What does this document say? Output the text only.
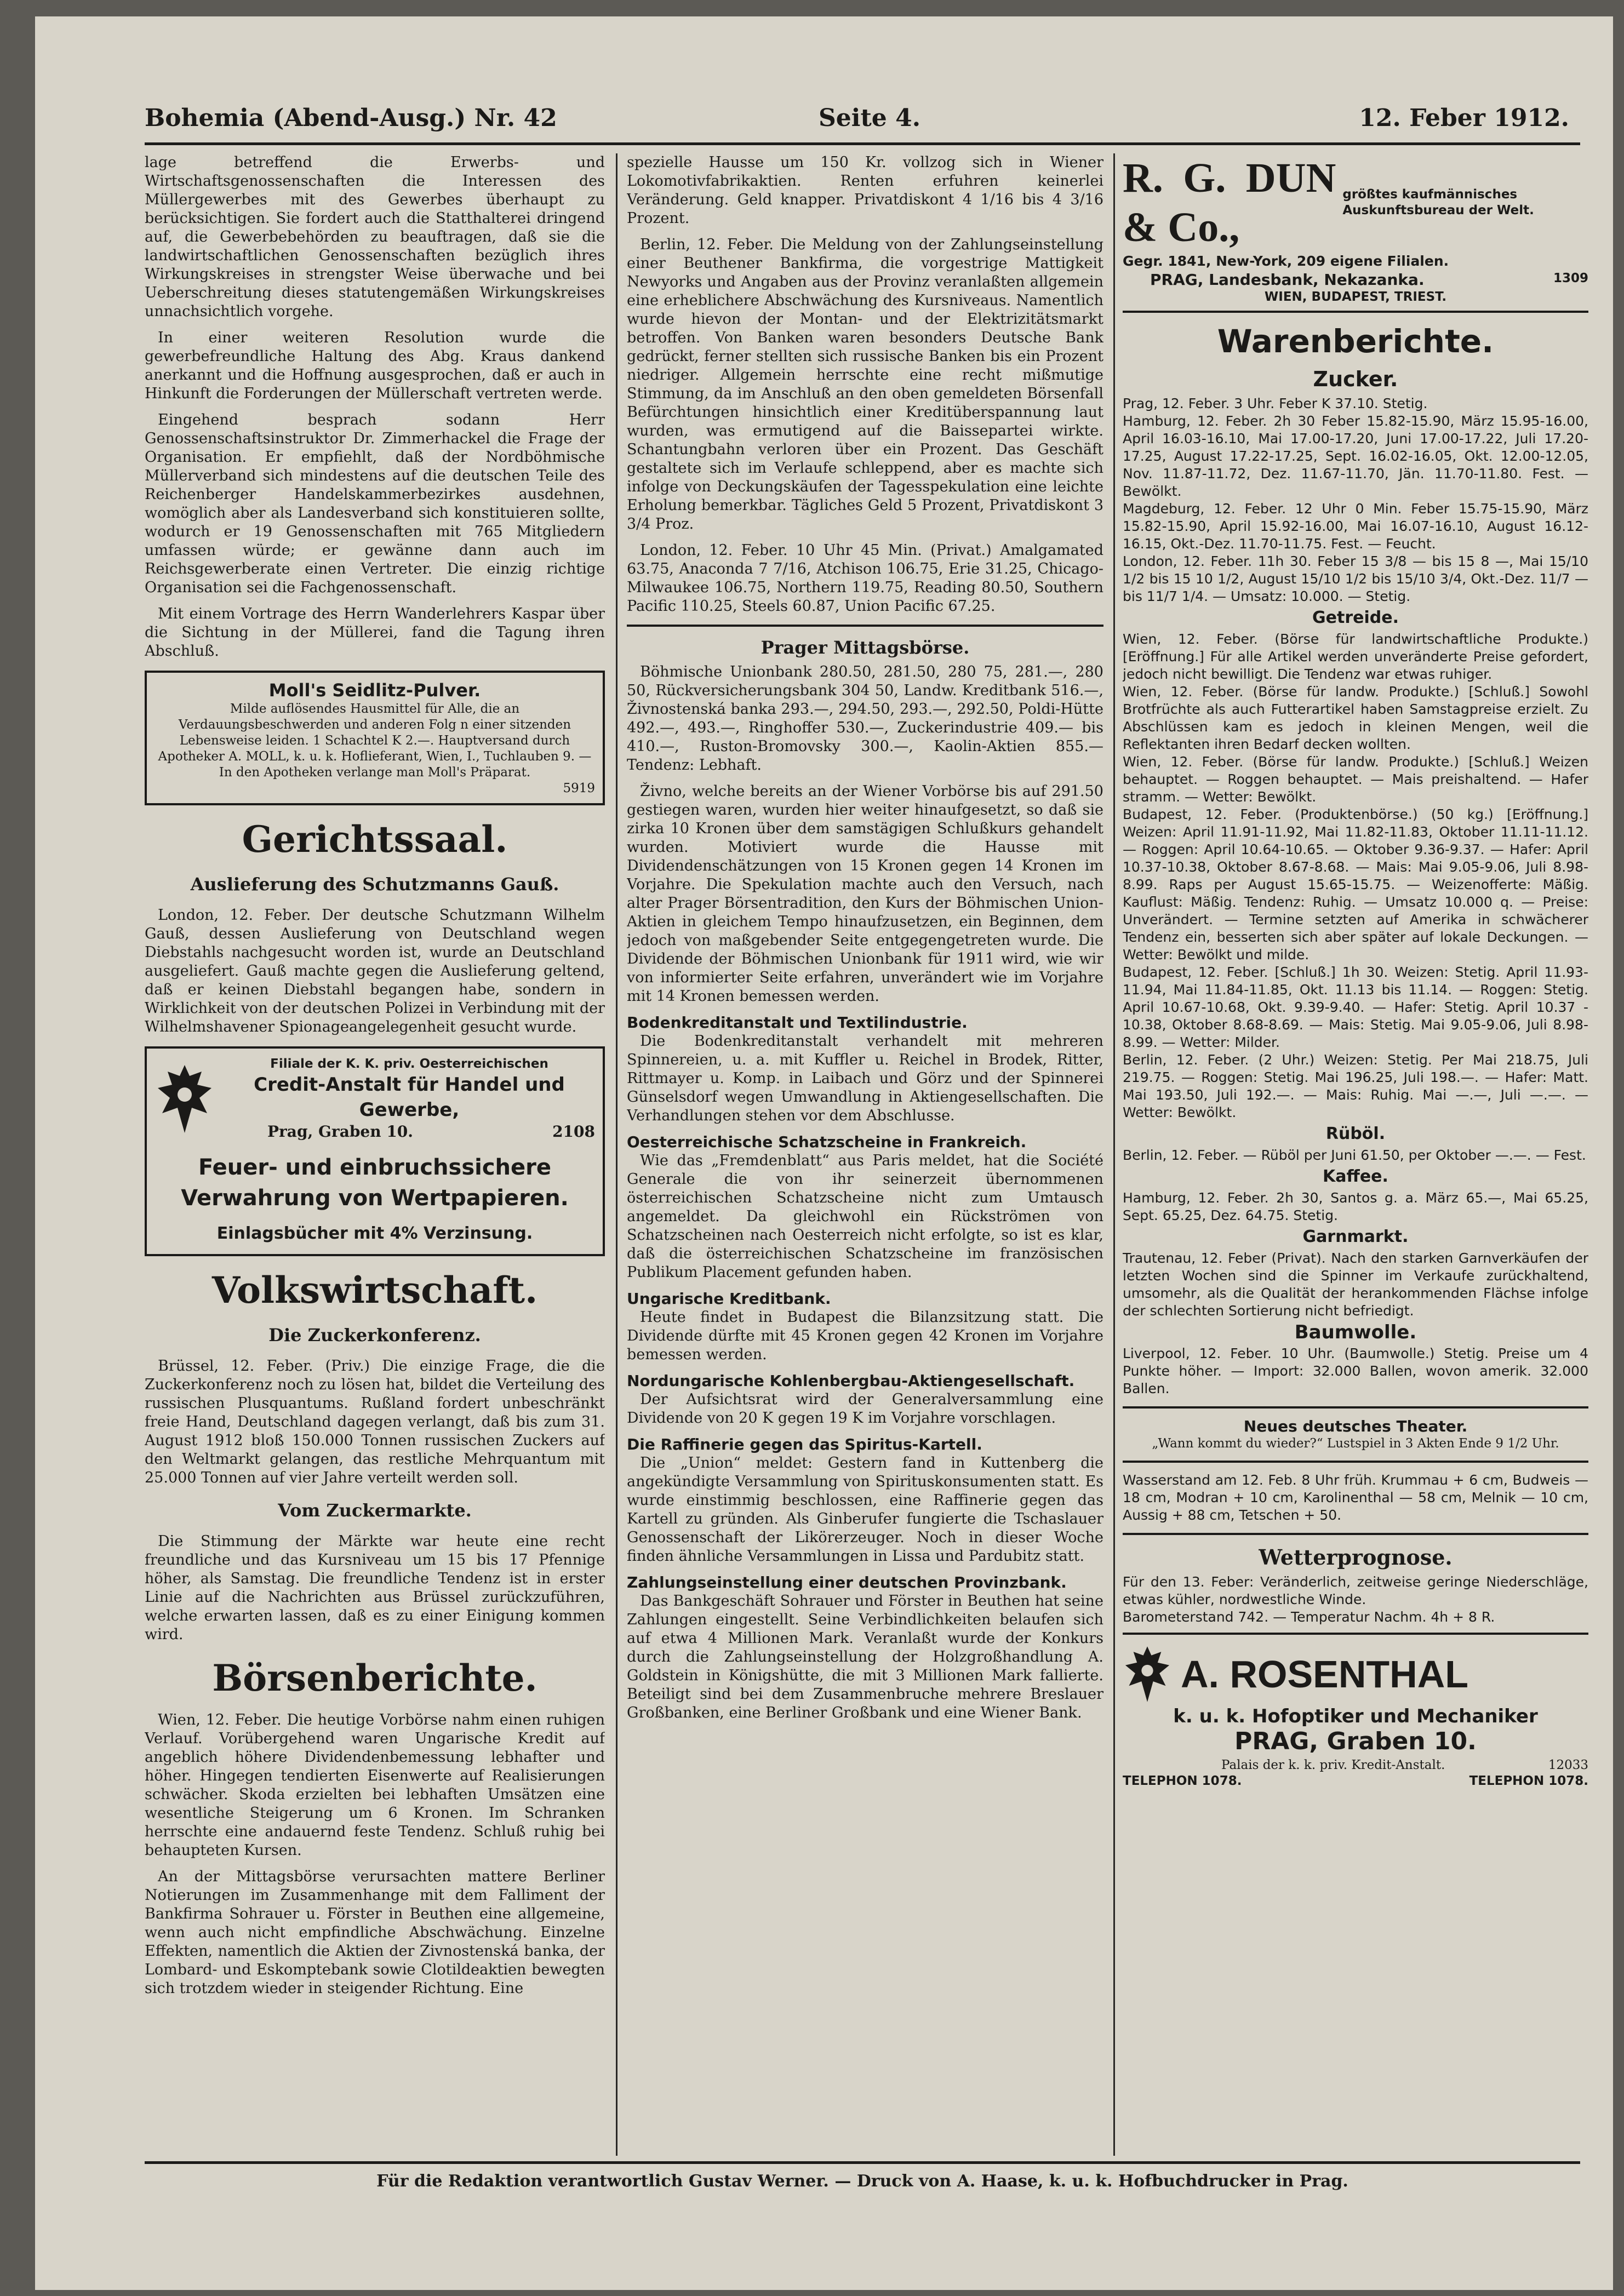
Bohemia (Abend-Ausg.) Nr. 42	Seite 4.	12. Feber 1912.

lage betreffend die Erwerbs- und Wirtschaftsgenossenschaften die Interessen des Müllergewerbes mit des Gewerbes überhaupt zu berücksichtigen. Sie fordert auch die Statthalterei dringend auf, die Gewerbebehörden zu beauftragen, daß sie die landwirtschaftlichen Genossenschaften bezüglich ihres Wirkungskreises in strengster Weise überwache und bei Ueberschreitung dieses statutengemäßen Wirkungskreises unnachsichtlich vorgehe.

In einer weiteren Resolution wurde die gewerbefreundliche Haltung des Abg. Kraus dankend anerkannt und die Hoffnung ausgesprochen, daß er auch in Hinkunft die Forderungen der Müllerschaft vertreten werde.

Eingehend besprach sodann Herr Genossenschaftsinstruktor Dr. Zimmerhackel die Frage der Organisation. Er empfiehlt, daß der Nordböhmische Müllerverband sich mindestens auf die deutschen Teile des Reichenberger Handelskammerbezirkes ausdehnen, womöglich aber als Landesverband sich konstituieren sollte, wodurch er 19 Genossenschaften mit 765 Mitgliedern umfassen würde; er gewänne dann auch im Reichsgewerberate einen Vertreter. Die einzig richtige Organisation sei die Fachgenossenschaft.

Mit einem Vortrage des Herrn Wanderlehrers Kaspar über die Sichtung in der Müllerei, fand die Tagung ihren Abschluß.

Moll's Seidlitz-Pulver.
Milde auflösendes Hausmittel für Alle, die an Verdauungsbeschwerden und anderen Folg n einer sitzenden Lebensweise leiden. 1 Schachtel K 2.—. Hauptversand durch Apotheker A. MOLL, k. u. k. Hoflieferant, Wien, I., Tuchlauben 9. — In den Apotheken verlange man Moll's Präparat.
5919
Gerichtssaal.
Auslieferung des Schutzmanns Gauß.

London, 12. Feber. Der deutsche Schutzmann Wilhelm Gauß, dessen Auslieferung von Deutschland wegen Diebstahls nachgesucht worden ist, wurde an Deutschland ausgeliefert. Gauß machte gegen die Auslieferung geltend, daß er keinen Diebstahl begangen habe, sondern in Wirklichkeit von der deutschen Polizei in Verbindung mit der Wilhelmshavener Spionageangelegenheit gesucht wurde.

Filiale der K. K. priv. Oesterreichischen
Credit-Anstalt für Handel und Gewerbe,
Prag, Graben 10.	2108
Feuer- und einbruchssichere Verwahrung von Wertpapieren.
Einlagsbücher mit 4% Verzinsung.
Volkswirtschaft.
Die Zuckerkonferenz.

Brüssel, 12. Feber. (Priv.) Die einzige Frage, die die Zuckerkonferenz noch zu lösen hat, bildet die Verteilung des russischen Plusquantums. Rußland fordert unbeschränkt freie Hand, Deutschland dagegen verlangt, daß bis zum 31. August 1912 bloß 150.000 Tonnen russischen Zuckers auf den Weltmarkt gelangen, das restliche Mehrquantum mit 25.000 Tonnen auf vier Jahre verteilt werden soll.

Vom Zuckermarkte.

Die Stimmung der Märkte war heute eine recht freundliche und das Kursniveau um 15 bis 17 Pfennige höher, als Samstag. Die freundliche Tendenz ist in erster Linie auf die Nachrichten aus Brüssel zurückzuführen, welche erwarten lassen, daß es zu einer Einigung kommen wird.

Börsenberichte.

Wien, 12. Feber. Die heutige Vorbörse nahm einen ruhigen Verlauf. Vorübergehend waren Ungarische Kredit auf angeblich höhere Dividendenbemessung lebhafter und höher. Hingegen tendierten Eisenwerte auf Realisierungen schwächer. Skoda erzielten bei lebhaften Umsätzen eine wesentliche Steigerung um 6 Kronen. Im Schranken herrschte eine andauernd feste Tendenz. Schluß ruhig bei behaupteten Kursen.

An der Mittagsbörse verursachten mattere Berliner Notierungen im Zusammenhange mit dem Falliment der Bankfirma Sohrauer u. Förster in Beuthen eine allgemeine, wenn auch nicht empfindliche Abschwächung. Einzelne Effekten, namentlich die Aktien der Zivnostenská banka, der Lombard- und Eskomptebank sowie Clotildeaktien bewegten sich trotzdem wieder in steigender Richtung. Eine

spezielle Hausse um 150 Kr. vollzog sich in Wiener Lokomotivfabrikaktien. Renten erfuhren keinerlei Veränderung. Geld knapper. Privatdiskont 4 1/16 bis 4 3/16 Prozent.

Berlin, 12. Feber. Die Meldung von der Zahlungseinstellung einer Beuthener Bankfirma, die vorgestrige Mattigkeit Newyorks und Angaben aus der Provinz veranlaßten allgemein eine erheblichere Abschwächung des Kursniveaus. Namentlich wurde hievon der Montan- und der Elektrizitätsmarkt betroffen. Von Banken waren besonders Deutsche Bank gedrückt, ferner stellten sich russische Banken bis ein Prozent niedriger. Allgemein herrschte eine recht mißmutige Stimmung, da im Anschluß an den oben gemeldeten Börsenfall Befürchtungen hinsichtlich einer Kreditüberspannung laut wurden, was ermutigend auf die Baissepartei wirkte. Schantungbahn verloren über ein Prozent. Das Geschäft gestaltete sich im Verlaufe schleppend, aber es machte sich infolge von Deckungskäufen der Tagesspekulation eine leichte Erholung bemerkbar. Tägliches Geld 5 Prozent, Privatdiskont 3 3/4 Proz.

London, 12. Feber. 10 Uhr 45 Min. (Privat.) Amalgamated 63.75, Anaconda 7 7/16, Atchison 106.75, Erie 31.25, Chicago-Milwaukee 106.75, Northern 119.75, Reading 80.50, Southern Pacific 110.25, Steels 60.87, Union Pacific 67.25.

Prager Mittagsbörse.

Böhmische Unionbank 280.50, 281.50, 280 75, 281.—, 280 50, Rückversicherungsbank 304 50, Landw. Kreditbank 516.—, Živnostenská banka 293.—, 294.50, 293.—, 292.50, Poldi-Hütte 492.—, 493.—, Ringhoffer 530.—, Zuckerindustrie 409.— bis 410.—, Ruston-Bromovsky 300.—, Kaolin-Aktien 855.— Tendenz: Lebhaft.

Živno, welche bereits an der Wiener Vorbörse bis auf 291.50 gestiegen waren, wurden hier weiter hinaufgesetzt, so daß sie zirka 10 Kronen über dem samstägigen Schlußkurs gehandelt wurden. Motiviert wurde die Hausse mit Dividendenschätzungen von 15 Kronen gegen 14 Kronen im Vorjahre. Die Spekulation machte auch den Versuch, nach alter Prager Börsentradition, den Kurs der Böhmischen Union-Aktien in gleichem Tempo hinaufzusetzen, ein Beginnen, dem jedoch von maßgebender Seite entgegengetreten wurde. Die Dividende der Böhmischen Unionbank für 1911 wird, wie wir von informierter Seite erfahren, unverändert wie im Vorjahre mit 14 Kronen bemessen werden.

Bodenkreditanstalt und Textilindustrie.

Die Bodenkreditanstalt verhandelt mit mehreren Spinnereien, u. a. mit Kuffler u. Reichel in Brodek, Ritter, Rittmayer u. Komp. in Laibach und Görz und der Spinnerei Günselsdorf wegen Umwandlung in Aktiengesellschaften. Die Verhandlungen stehen vor dem Abschlusse.

Oesterreichische Schatzscheine in Frankreich.

Wie das „Fremdenblatt“ aus Paris meldet, hat die Société Generale die von ihr seinerzeit übernommenen österreichischen Schatzscheine nicht zum Umtausch angemeldet. Da gleichwohl ein Rückströmen von Schatzscheinen nach Oesterreich nicht erfolgte, so ist es klar, daß die österreichischen Schatzscheine im französischen Publikum Placement gefunden haben.

Ungarische Kreditbank.

Heute findet in Budapest die Bilanzsitzung statt. Die Dividende dürfte mit 45 Kronen gegen 42 Kronen im Vorjahre bemessen werden.

Nordungarische Kohlenbergbau-Aktiengesellschaft.

Der Aufsichtsrat wird der Generalversammlung eine Dividende von 20 K gegen 19 K im Vorjahre vorschlagen.

Die Raffinerie gegen das Spiritus-Kartell.

Die „Union“ meldet: Gestern fand in Kuttenberg die angekündigte Versammlung von Spirituskonsumenten statt. Es wurde einstimmig beschlossen, eine Raffinerie gegen das Kartell zu gründen. Als Ginberufer fungierte die Tschaslauer Genossenschaft der Likörerzeuger. Noch in dieser Woche finden ähnliche Versammlungen in Lissa und Pardubitz statt.

Zahlungseinstellung einer deutschen Provinzbank.

Das Bankgeschäft Sohrauer und Förster in Beuthen hat seine Zahlungen eingestellt. Seine Verbindlichkeiten belaufen sich auf etwa 4 Millionen Mark. Veranlaßt wurde der Konkurs durch die Zahlungseinstellung der Holzgroßhandlung A. Goldstein in Königshütte, die mit 3 Millionen Mark fallierte. Beteiligt sind bei dem Zusammenbruche mehrere Breslauer Großbanken, eine Berliner Großbank und eine Wiener Bank.

R. G. DUN & Co.,
größtes kaufmännisches Auskunftsbureau der Welt.
Gegr. 1841, New-York, 209 eigene Filialen.
PRAG, Landesbank, Nekazanka.	1309
WIEN, BUDAPEST, TRIEST.
Warenberichte.
Zucker.

Prag, 12. Feber. 3 Uhr. Feber K 37.10. Stetig.

Hamburg, 12. Feber. 2h 30 Feber 15.82-15.90, März 15.95-16.00, April 16.03-16.10, Mai 17.00-17.20, Juni 17.00-17.22, Juli 17.20-17.25, August 17.22-17.25, Sept. 16.02-16.05, Okt. 12.00-12.05, Nov. 11.87-11.72, Dez. 11.67-11.70, Jän. 11.70-11.80. Fest. — Bewölkt.

Magdeburg, 12. Feber. 12 Uhr 0 Min. Feber 15.75-15.90, März 15.82-15.90, April 15.92-16.00, Mai 16.07-16.10, August 16.12-16.15, Okt.-Dez. 11.70-11.75. Fest. — Feucht.

London, 12. Feber. 11h 30. Feber 15 3/8 — bis 15 8 —, Mai 15/10 1/2 bis 15 10 1/2, August 15/10 1/2 bis 15/10 3/4, Okt.-Dez. 11/7 — bis 11/7 1/4. — Umsatz: 10.000. — Stetig.

Getreide.

Wien, 12. Feber. (Börse für landwirtschaftliche Produkte.) [Eröffnung.] Für alle Artikel werden unveränderte Preise gefordert, jedoch nicht bewilligt. Die Tendenz war etwas ruhiger.

Wien, 12. Feber. (Börse für landw. Produkte.) [Schluß.] Sowohl Brotfrüchte als auch Futterartikel haben Samstagpreise erzielt. Zu Abschlüssen kam es jedoch in kleinen Mengen, weil die Reflektanten ihren Bedarf decken wollten.

Wien, 12. Feber. (Börse für landw. Produkte.) [Schluß.] Weizen behauptet. — Roggen behauptet. — Mais preishaltend. — Hafer stramm. — Wetter: Bewölkt.

Budapest, 12. Feber. (Produktenbörse.) (50 kg.) [Eröffnung.] Weizen: April 11.91-11.92, Mai 11.82-11.83, Oktober 11.11-11.12. — Roggen: April 10.64-10.65. — Oktober 9.36-9.37. — Hafer: April 10.37-10.38, Oktober 8.67-8.68. — Mais: Mai 9.05-9.06, Juli 8.98-8.99. Raps per August 15.65-15.75. — Weizenofferte: Mäßig. Kauflust: Mäßig. Tendenz: Ruhig. — Umsatz 10.000 q. — Preise: Unverändert. — Termine setzten auf Amerika in schwächerer Tendenz ein, besserten sich aber später auf lokale Deckungen. — Wetter: Bewölkt und milde.

Budapest, 12. Feber. [Schluß.] 1h 30. Weizen: Stetig. April 11.93-11.94, Mai 11.84-11.85, Okt. 11.13 bis 11.14. — Roggen: Stetig. April 10.67-10.68, Okt. 9.39-9.40. — Hafer: Stetig. April 10.37 - 10.38, Oktober 8.68-8.69. — Mais: Stetig. Mai 9.05-9.06, Juli 8.98-8.99. — Wetter: Milder.

Berlin, 12. Feber. (2 Uhr.) Weizen: Stetig. Per Mai 218.75, Juli 219.75. — Roggen: Stetig. Mai 196.25, Juli 198.—. — Hafer: Matt. Mai 193.50, Juli 192.—. — Mais: Ruhig. Mai —.—, Juli —.—. — Wetter: Bewölkt.

Rüböl.

Berlin, 12. Feber. — Rüböl per Juni 61.50, per Oktober —.—. — Fest.

Kaffee.

Hamburg, 12. Feber. 2h 30, Santos g. a. März 65.—, Mai 65.25, Sept. 65.25, Dez. 64.75. Stetig.

Garnmarkt.

Trautenau, 12. Feber (Privat). Nach den starken Garnverkäufen der letzten Wochen sind die Spinner im Verkaufe zurückhaltend, umsomehr, als die Qualität der herankommenden Flächse infolge der schlechten Sortierung nicht befriedigt.

Baumwolle.

Liverpool, 12. Feber. 10 Uhr. (Baumwolle.) Stetig. Preise um 4 Punkte höher. — Import: 32.000 Ballen, wovon amerik. 32.000 Ballen.

Neues deutsches Theater.

„Wann kommt du wieder?“ Lustspiel in 3 Akten Ende 9 1/2 Uhr.

Wasserstand am 12. Feb. 8 Uhr früh. Krummau + 6 cm, Budweis — 18 cm, Modran + 10 cm, Karolinenthal — 58 cm, Melnik — 10 cm, Aussig + 88 cm, Tetschen + 50.

Wetterprognose.

Für den 13. Feber: Veränderlich, zeitweise geringe Niederschläge, etwas kühler, nordwestliche Winde.

Barometerstand 742. — Temperatur Nachm. 4h + 8 R.

A. ROSENTHAL
k. u. k. Hofoptiker und Mechaniker
PRAG, Graben 10.
Palais der k. k. priv. Kredit-Anstalt.	12033
TELEPHON 1078.	TELEPHON 1078.
Für die Redaktion verantwortlich Gustav Werner. — Druck von A. Haase, k. u. k. Hofbuchdrucker in Prag.
